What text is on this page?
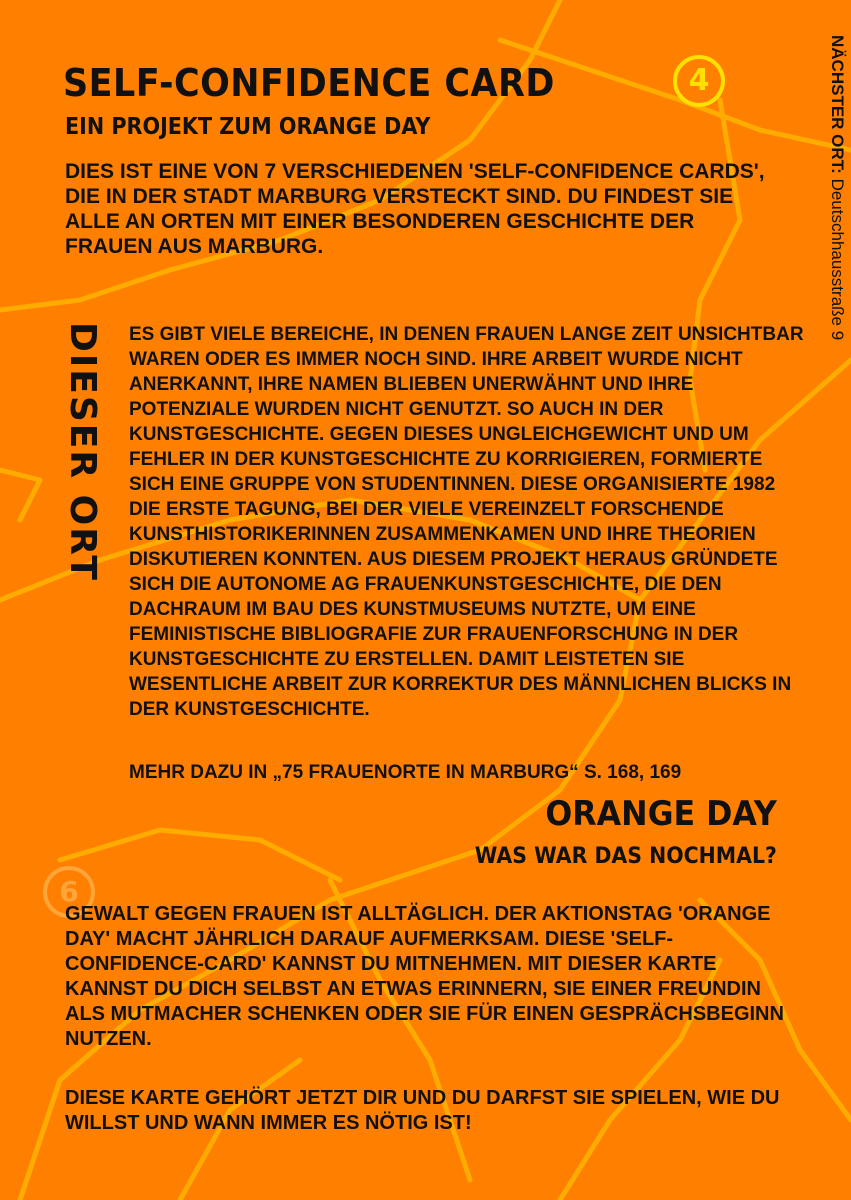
SELF-CONFIDENCE CARD
EIN PROJEKT ZUM ORANGE DAY
4	NÄCHSTER ORT: Deutschhausstraße 9

DIES IST EINE VON 7 VERSCHIEDENEN 'SELF-CONFIDENCE CARDS', DIE IN DER STADT MARBURG VERSTECKT SIND. DU FINDEST SIE ALLE AN ORTEN MIT EINER BESONDEREN GESCHICHTE DER FRAUEN AUS MARBURG.

DIESER ORT ES GIBT VIELE BEREICHE, IN DENEN FRAUEN LANGE ZEIT UNSICHTBAR WAREN ODER ES IMMER NOCH SIND. IHRE ARBEIT WURDE NICHT ANERKANNT, IHRE NAMEN BLIEBEN UNERWÄHNT UND IHRE POTENZIALE WURDEN NICHT GENUTZT. SO AUCH IN DER KUNSTGESCHICHTE. GEGEN DIESES UNGLEICHGEWICHT UND UM FEHLER IN DER KUNSTGESCHICHTE ZU KORRIGIEREN, FORMIERTE SICH EINE GRUPPE VON STUDENTINNEN. DIESE ORGANISIERTE 1982 DIE ERSTE TAGUNG, BEI DER VIELE VEREINZELT FORSCHENDE KUNSTHISTORIKERINNEN ZUSAMMENKAMEN UND IHRE THEORIEN DISKUTIEREN KONNTEN. AUS DIESEM PROJEKT HERAUS GRÜNDETE SICH DIE AUTONOME AG FRAUENKUNSTGESCHICHTE, DIE DEN DACHRAUM IM BAU DES KUNSTMUSEUMS NUTZTE, UM EINE FEMINISTISCHE BIBLIOGRAFIE ZUR FRAUENFORSCHUNG IN DER KUNSTGESCHICHTE ZU ERSTELLEN. DAMIT LEISTETEN SIE WESENTLICHE ARBEIT ZUR KORREKTUR DES MÄNNLICHEN BLICKS IN DER KUNSTGESCHICHTE.

MEHR DAZU IN „75 FRAUENORTE IN MARBURG“ S. 168, 169

ORANGE DAY
WAS WAR DAS NOCHMAL?
6

GEWALT GEGEN FRAUEN IST ALLTÄGLICH. DER AKTIONSTAG 'ORANGE DAY' MACHT JÄHRLICH DARAUF AUFMERKSAM. DIESE 'SELF-CONFIDENCE-CARD' KANNST DU MITNEHMEN. MIT DIESER KARTE KANNST DU DICH SELBST AN ETWAS ERINNERN, SIE EINER FREUNDIN ALS MUTMACHER SCHENKEN ODER SIE FÜR EINEN GESPRÄCHSBEGINN NUTZEN.

DIESE KARTE GEHÖRT JETZT DIR UND DU DARFST SIE SPIELEN, WIE DU WILLST UND WANN IMMER ES NÖTIG IST!
